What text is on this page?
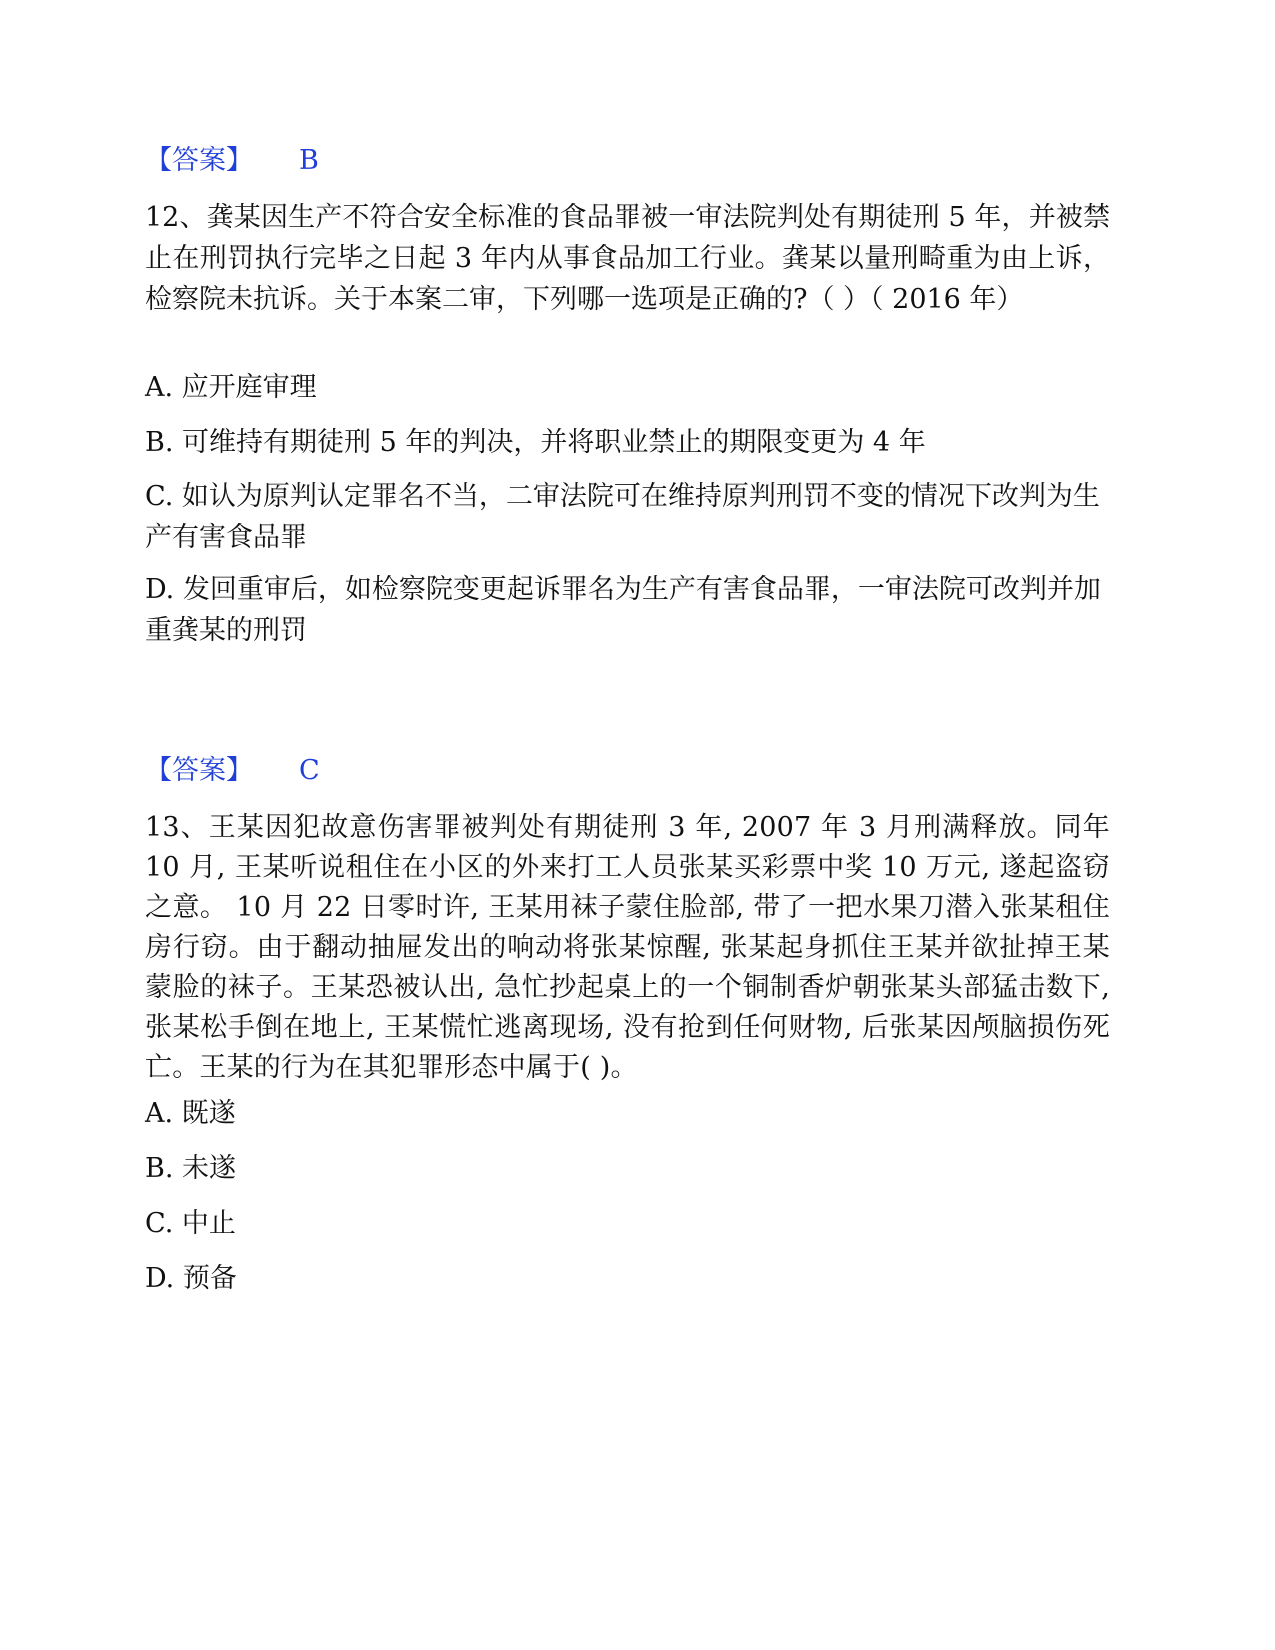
【答案】 B

12、龚某因生产不符合安全标准的食品罪被一审法院判处有期徒刑 5 年，并被禁止在刑罚执行完毕之日起 3 年内从事食品加工行业。龚某以量刑畸重为由上诉，检察院未抗诉。关于本案二审，下列哪一选项是正确的?（ ）（ 2016 年）

A. 应开庭审理

B. 可维持有期徒刑 5 年的判决，并将职业禁止的期限变更为 4 年

C. 如认为原判认定罪名不当，二审法院可在维持原判刑罚不变的情况下改判为生产有害食品罪

D. 发回重审后，如检察院变更起诉罪名为生产有害食品罪，一审法院可改判并加重龚某的刑罚

【答案】 C

13、王某因犯故意伤害罪被判处有期徒刑 3 年, 2007 年 3 月刑满释放。同年 10 月, 王某听说租住在小区的外来打工人员张某买彩票中奖 10 万元, 遂起盗窃之意。 10 月 22 日零时许, 王某用袜子蒙住脸部, 带了一把水果刀潜入张某租住房行窃。由于翻动抽屉发出的响动将张某惊醒, 张某起身抓住王某并欲扯掉王某蒙脸的袜子。王某恐被认出, 急忙抄起桌上的一个铜制香炉朝张某头部猛击数下, 张某松手倒在地上, 王某慌忙逃离现场, 没有抢到任何财物, 后张某因颅脑损伤死亡。王某的行为在其犯罪形态中属于( )。

A. 既遂

B. 未遂

C. 中止

D. 预备
